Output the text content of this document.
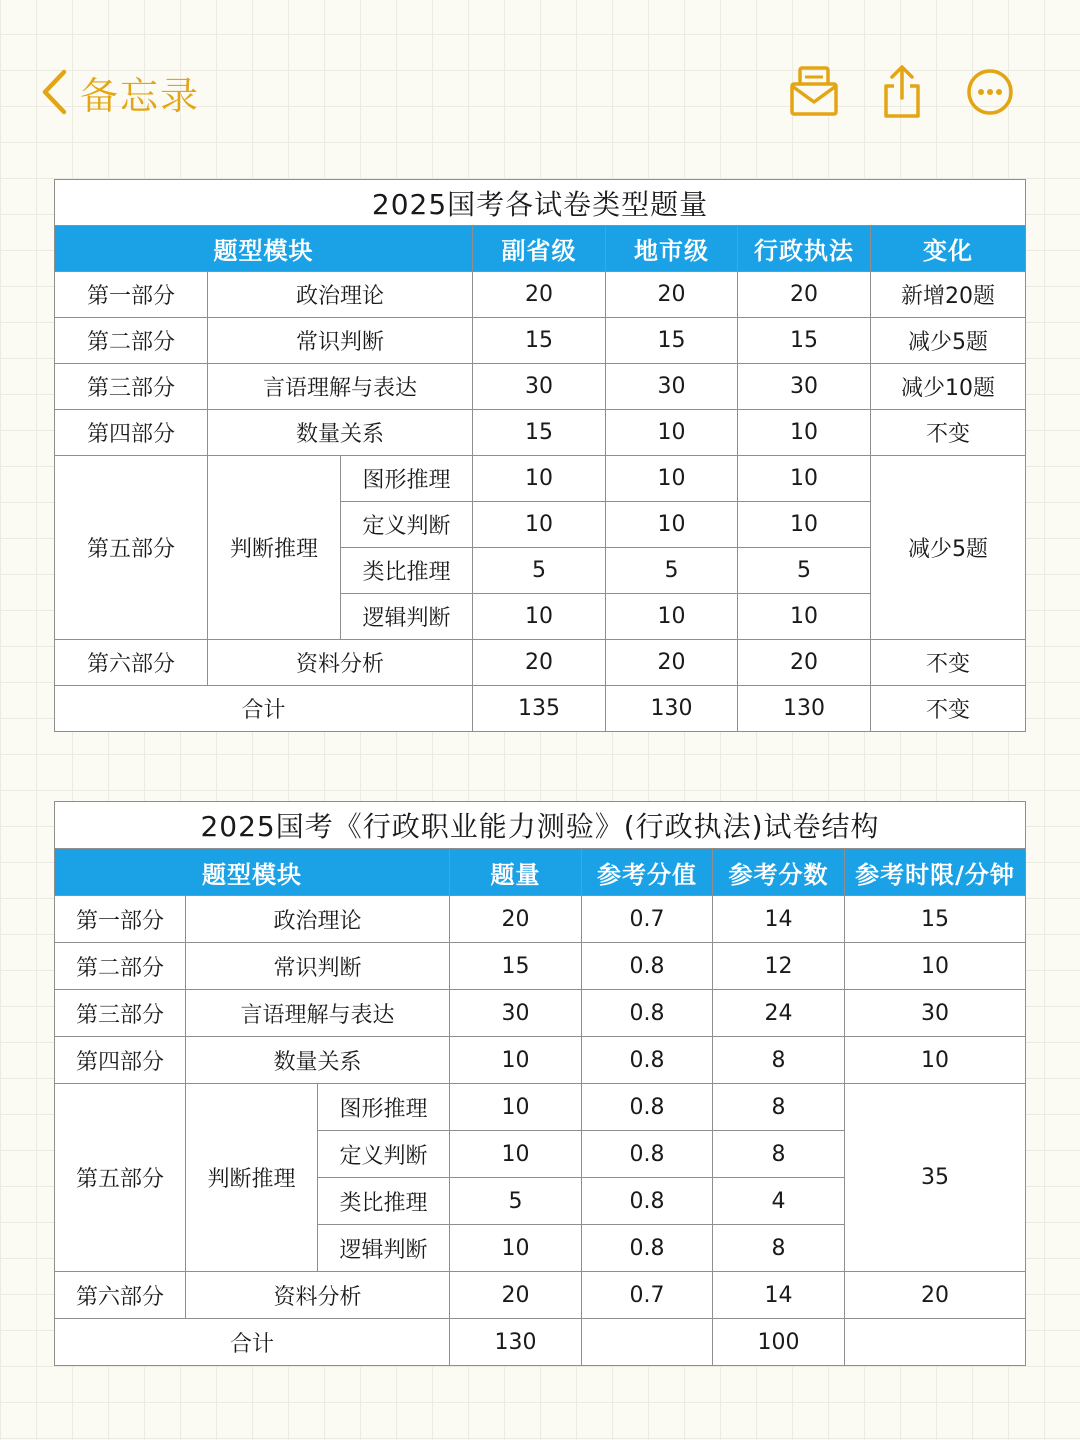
备忘录
2025国考各试卷类型题量						
题型模块			副省级	地市级	行政执法	变化
第一部分	政治理论		20	20	20	新增20题
第二部分	常识判断		15	15	15	减少5题
第三部分	言语理解与表达		30	30	30	减少10题
第四部分	数量关系		15	10	10	不变
第五部分	判断推理	图形推理	10	10	10	减少5题
		定义判断	10	10	10	
		类比推理	5	5	5	
		逻辑判断	10	10	10	
第六部分	资料分析		20	20	20	不变
合计			135	130	130	不变
2025国考《行政职业能力测验》(行政执法)试卷结构						
题型模块			题量	参考分值	参考分数	参考时限/分钟
第一部分	政治理论		20	0.7	14	15
第二部分	常识判断		15	0.8	12	10
第三部分	言语理解与表达		30	0.8	24	30
第四部分	数量关系		10	0.8	8	10
第五部分	判断推理	图形推理	10	0.8	8	35
		定义判断	10	0.8	8	
		类比推理	5	0.8	4	
		逻辑判断	10	0.8	8	
第六部分	资料分析		20	0.7	14	20
合计			130		100	
